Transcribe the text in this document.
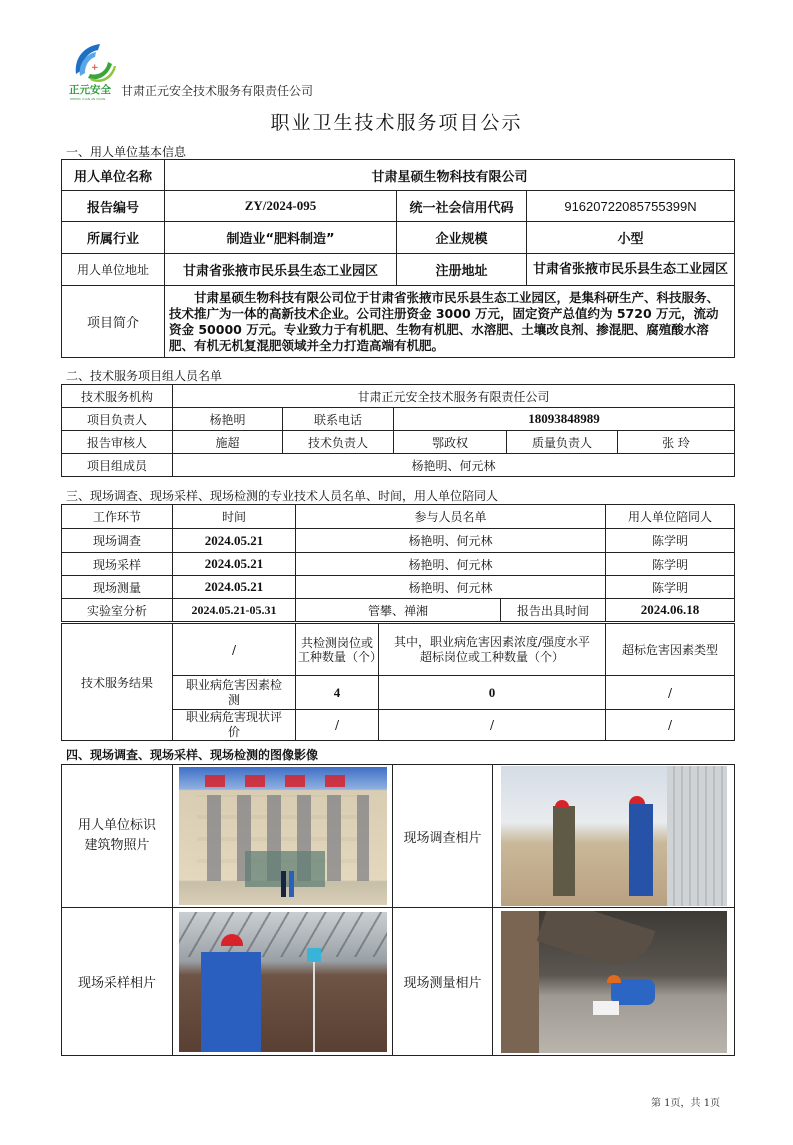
+
正元安全
ZHENG YUAN AN QUAN
甘肃正元安全技术服务有限责任公司
职业卫生技术服务项目公示
一、用人单位基本信息
用人单位名称	甘肃星硕生物科技有限公司		
报告编号	ZY/2024-095	统一社会信用代码	91620722085755399N
所属行业	制造业“肥料制造”	企业规模	小型
用人单位地址	甘肃省张掖市民乐县生态工业园区	注册地址	甘肃省张掖市民乐县生态工业园区
项目简介	甘肃星硕生物科技有限公司位于甘肃省张掖市民乐县生态工业园区，是集科研生产、科技服务、技术推广为一体的高新技术企业。公司注册资金 3000 万元，固定资产总值约为 5720 万元，流动资金 50000 万元。专业致力于有机肥、生物有机肥、水溶肥、土壤改良剂、掺混肥、腐殖酸水溶肥、有机无机复混肥领域并全力打造高端有机肥。		
二、技术服务项目组人员名单
技术服务机构	甘肃正元安全技术服务有限责任公司				
项目负责人	杨艳明	联系电话	18093848989		
报告审核人	施超	技术负责人	鄂政权	质量负责人	张 玲
项目组成员	杨艳明、何元林				
三、现场调查、现场采样、现场检测的专业技术人员名单、时间，用人单位陪同人
工作环节	时间	参与人员名单		用人单位陪同人
现场调查	2024.05.21	杨艳明、何元林		陈学明
现场采样	2024.05.21	杨艳明、何元林		陈学明
现场测量	2024.05.21	杨艳明、何元林		陈学明
实验室分析	2024.05.21-05.31	管攀、禅湘	报告出具时间	2024.06.18
技术服务结果	/	共检测岗位或工种数量（个）	其中，职业病危害因素浓度/强度水平超标岗位或工种数量（个）	超标危害因素类型
	职业病危害因素检测	4	0	/
	职业病危害现状评价	/	/	/
四、现场调查、现场采样、现场检测的图像影像
用人单位标识建筑物照片		现场调查相片	

现场采样相片		现场测量相片	
第 1页，共 1页
